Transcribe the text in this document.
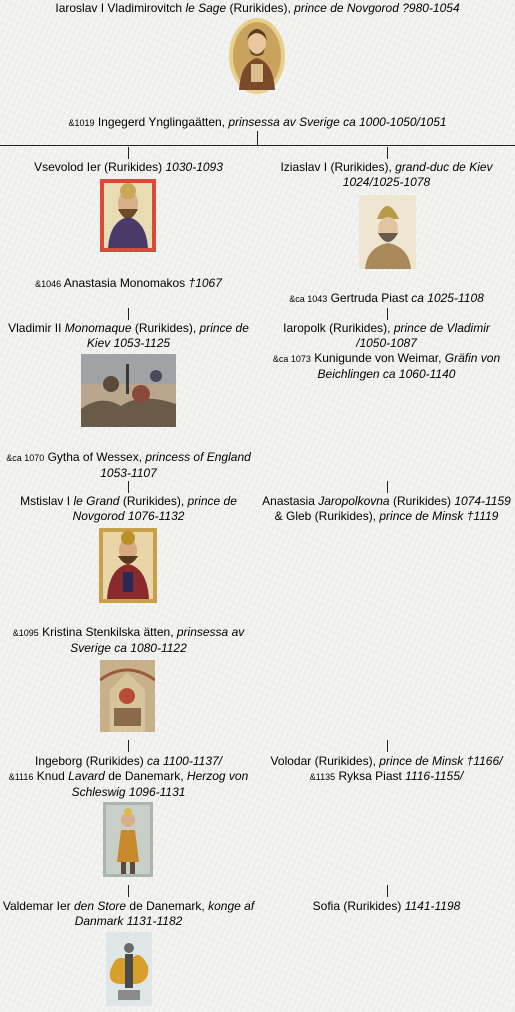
Iaroslav I Vladimirovitch le Sage (Rurikides), prince de Novgorod ?980-1054
&1019 Ingegerd Ynglingaätten, prinsessa av Sverige ca 1000-1050/1051
Vsevolod Ier (Rurikides) 1030-1093
&1046 Anastasia Monomakos †1067
Vladimir II Monomaque (Rurikides), prince de
Kiev 1053-1125
&ca 1070 Gytha of Wessex, princess of England
1053-1107
Mstislav I le Grand (Rurikides), prince de
Novgorod 1076-1132
&1095 Kristina Stenkilska ätten, prinsessa av
Sverige ca 1080-1122
Ingeborg (Rurikides) ca 1100-1137/
&1116 Knud Lavard de Danemark, Herzog von
Schleswig 1096-1131
Valdemar Ier den Store de Danemark, konge af
Danmark 1131-1182
Iziaslav I (Rurikides), grand-duc de Kiev
1024/1025-1078
&ca 1043 Gertruda Piast ca 1025-1108
Iaropolk (Rurikides), prince de Vladimir
/1050-1087
&ca 1073 Kunigunde von Weimar, Gräfin von
Beichlingen ca 1060-1140
Anastasia Jaropolkovna (Rurikides) 1074-1159
& Gleb (Rurikides), prince de Minsk †1119
Volodar (Rurikides), prince de Minsk †1166/
&1135 Ryksa Piast 1116-1155/
Sofia (Rurikides) 1141-1198
